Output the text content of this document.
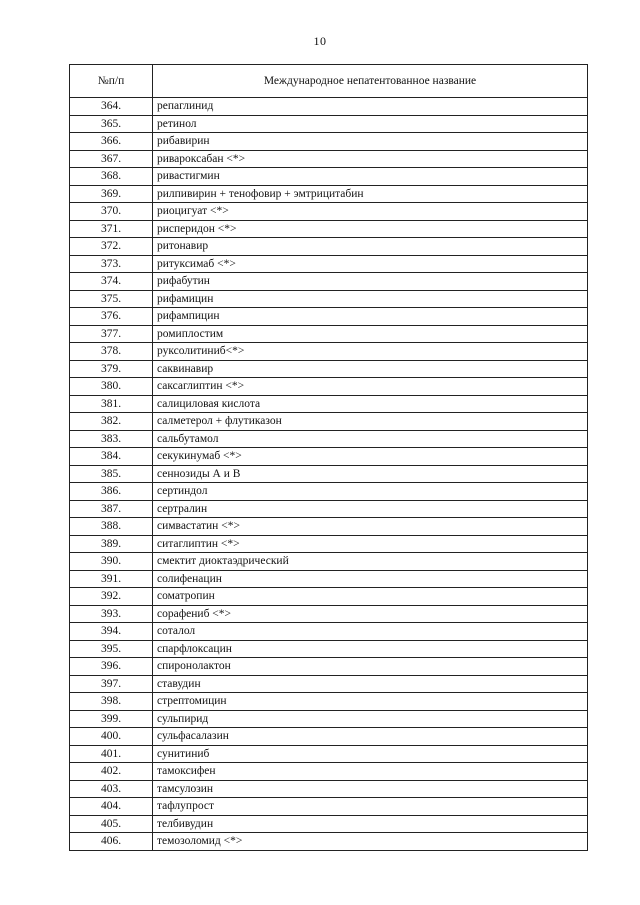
10
№п/п	Международное непатентованное название
364.	репаглинид
365.	ретинол
366.	рибавирин
367.	ривароксабан <*>
368.	ривастигмин
369.	рилпивирин + тенофовир + эмтрицитабин
370.	риоцигуат <*>
371.	рисперидон <*>
372.	ритонавир
373.	ритуксимаб <*>
374.	рифабутин
375.	рифамицин
376.	рифампицин
377.	ромиплостим
378.	руксолитиниб<*>
379.	саквинавир
380.	саксаглиптин <*>
381.	салициловая кислота
382.	салметерол + флутиказон
383.	сальбутамол
384.	секукинумаб <*>
385.	сеннозиды А и В
386.	сертиндол
387.	сертралин
388.	симвастатин <*>
389.	ситаглиптин <*>
390.	смектит диоктаэдрический
391.	солифенацин
392.	соматропин
393.	сорафениб <*>
394.	соталол
395.	спарфлоксацин
396.	спиронолактон
397.	ставудин
398.	стрептомицин
399.	сульпирид
400.	сульфасалазин
401.	сунитиниб
402.	тамоксифен
403.	тамсулозин
404.	тафлупрост
405.	телбивудин
406.	темозоломид <*>
